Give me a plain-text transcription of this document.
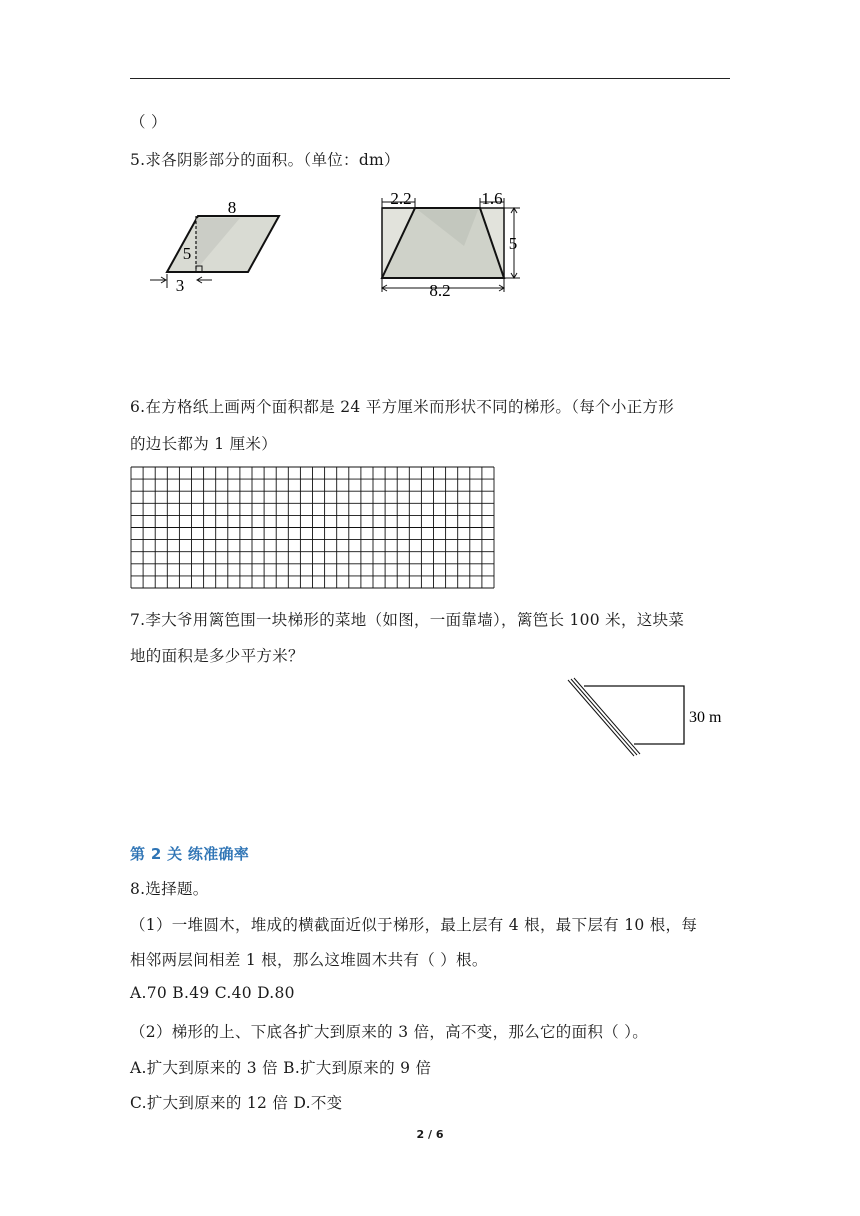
（ ）
5.求各阴影部分的面积。（单位：dm）
8
5
3
2.2	1.6
5
8.2
6.在方格纸上画两个面积都是 24 平方厘米而形状不同的梯形。（每个小正方形
的边长都为 1 厘米）
7.李大爷用篱笆围一块梯形的菜地（如图，一面靠墙），篱笆长 100 米，这块菜
地的面积是多少平方米？
30 m
第 2 关 练准确率
8.选择题。
（1）一堆圆木，堆成的横截面近似于梯形，最上层有 4 根，最下层有 10 根，每
相邻两层间相差 1 根，那么这堆圆木共有（ ）根。
A.70 B.49 C.40 D.80
（2）梯形的上、下底各扩大到原来的 3 倍，高不变，那么它的面积（ ）。
A.扩大到原来的 3 倍 B.扩大到原来的 9 倍
C.扩大到原来的 12 倍 D.不变
2 / 6
